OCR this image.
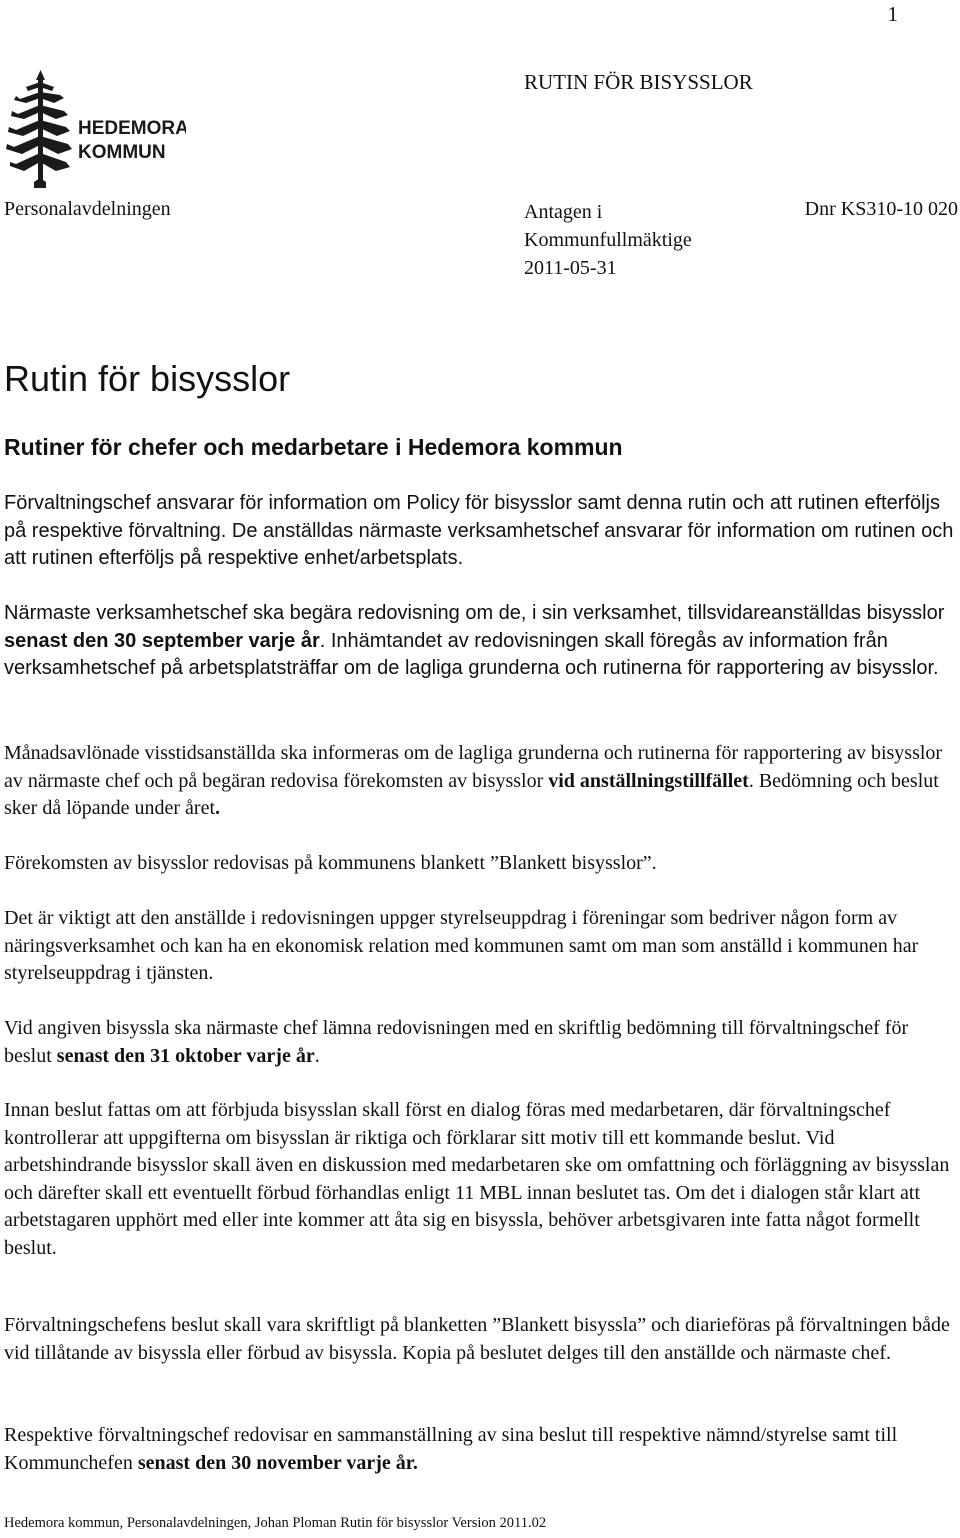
1
RUTIN FÖR BISYSSLOR
HEDEMORA
KOMMUN
Personalavdelningen	Antagen i
Kommunfullmäktige
2011-05-31
Dnr KS310-10 020
Rutin för bisysslor
Rutiner för chefer och medarbetare i Hedemora kommun

Förvaltningschef ansvarar för information om Policy för bisysslor samt denna rutin och att rutinen efterföljs på respektive förvaltning. De anställdas närmaste verksamhetschef ansvarar för information om rutinen och att rutinen efterföljs på respektive enhet/arbetsplats.

Närmaste verksamhetschef ska begära redovisning om de, i sin verksamhet, tillsvidareanställdas bisysslor senast den 30 september varje år. Inhämtandet av redovisningen skall föregås av information från verksamhetschef på arbetsplatsträffar om de lagliga grunderna och rutinerna för rapportering av bisysslor.

Månadsavlönade visstidsanställda ska informeras om de lagliga grunderna och rutinerna för rapportering av bisysslor av närmaste chef och på begäran redovisa förekomsten av bisysslor vid anställningstillfället. Bedömning och beslut sker då löpande under året.

Förekomsten av bisysslor redovisas på kommunens blankett ”Blankett bisysslor”.

Det är viktigt att den anställde i redovisningen uppger styrelseuppdrag i föreningar som bedriver någon form av näringsverksamhet och kan ha en ekonomisk relation med kommunen samt om man som anställd i kommunen har styrelseuppdrag i tjänsten.

Vid angiven bisyssla ska närmaste chef lämna redovisningen med en skriftlig bedömning till förvaltningschef för beslut senast den 31 oktober varje år.

Innan beslut fattas om att förbjuda bisysslan skall först en dialog föras med medarbetaren, där förvaltningschef kontrollerar att uppgifterna om bisysslan är riktiga och förklarar sitt motiv till ett kommande beslut. Vid arbetshindrande bisysslor skall även en diskussion med medarbetaren ske om omfattning och förläggning av bisysslan och därefter skall ett eventuellt förbud förhandlas enligt 11 MBL innan beslutet tas. Om det i dialogen står klart att arbetstagaren upphört med eller inte kommer att åta sig en bisyssla, behöver arbetsgivaren inte fatta något formellt beslut.

Förvaltningschefens beslut skall vara skriftligt på blanketten ”Blankett bisyssla” och diarieföras på förvaltningen både vid tillåtande av bisyssla eller förbud av bisyssla. Kopia på beslutet delges till den anställde och närmaste chef.

Respektive förvaltningschef redovisar en sammanställning av sina beslut till respektive nämnd/styrelse samt till Kommunchefen senast den 30 november varje år.

Hedemora kommun, Personalavdelningen, Johan Ploman Rutin för bisysslor Version 2011.02
